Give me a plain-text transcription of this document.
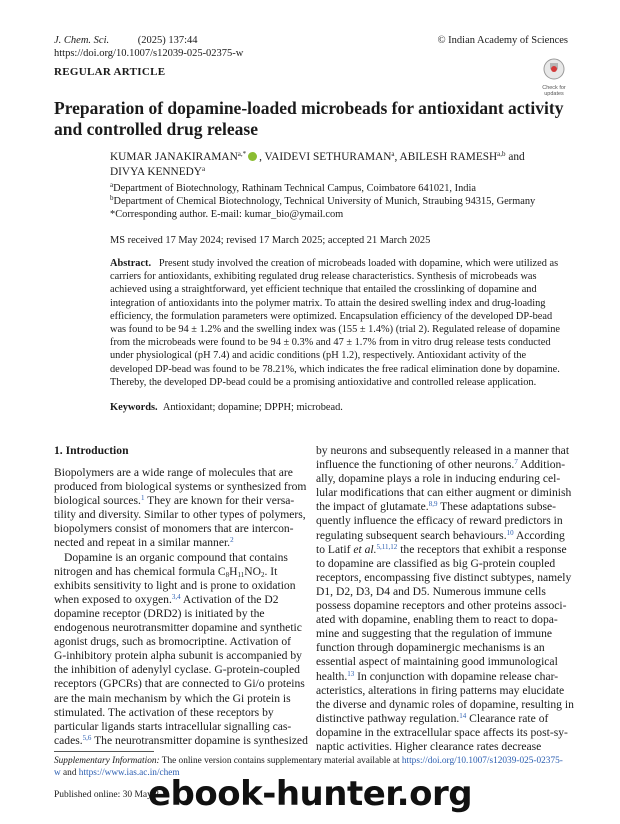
J. Chem. Sci.	(2025) 137:44
https://doi.org/10.1007/s12039-025-02375-w
© Indian Academy of Sciences
REGULAR ARTICLE
Check for
updates
Preparation of dopamine-loaded microbeads for antioxidant activity
and controlled drug release
KUMAR $JANAKIRAMAN^{a,*}$ , VAIDEVI SETHURAMAN$^a$, ABILESH RAMESH$^{a,b}$ and
DIVYA KENNEDY$^a$
$^a$Department of Biotechnology, Rathinam Technical Campus, Coimbatore 641021, India
$^b$Department of Chemical Biotechnology, Technical University of Munich, Straubing 94315, Germany
*Corresponding author. E-mail: kumar_bio@ymail.com
MS received 17 May 2024; revised 17 March 2025; accepted 21 March 2025
Abstract. Present study involved the creation of microbeads loaded with dopamine, which were utilized as
carriers for antioxidants, exhibiting regulated drug release characteristics. Synthesis of microbeads was
achieved using a straightforward, yet efficient technique that entailed the crosslinking of dopamine and
integration of antioxidants into the polymer matrix. To attain the desired swelling index and drug-loading
efficiency, the formulation parameters were optimized. Encapsulation efficiency of the developed DP-bead
was found to be 94 ± 1.2% and the swelling index was (155 ± 1.4%) (trial 2). Regulated release of dopamine
from the microbeads were found to be 94 ± 0.3% and 47 ± 1.7% from in vitro drug release tests conducted
under physiological (pH 7.4) and acidic conditions (pH 1.2), respectively. Antioxidant activity of the
developed DP-bead was found to be 78.21%, which indicates the free radical elimination done by dopamine.
Thereby, the developed DP-bead could be a promising antioxidative and controlled release application.
Keywords. Antioxidant; dopamine; DPPH; microbead.
1. Introduction
Biopolymers are a wide range of molecules that are
produced from biological systems or synthesized from
biological sources.$^1$ They are known for their versa-
tility and diversity. Similar to other types of polymers,
biopolymers consist of monomers that are intercon-
nected and repeat in a similar manner.$^2$
Dopamine is an organic compound that contains
nitrogen and has chemical formula $C_8H_{11}NO_2$. It
exhibits sensitivity to light and is prone to oxidation
when exposed to oxygen.$^{3,4}$ Activation of the D2
dopamine receptor (DRD2) is initiated by the
endogenous neurotransmitter dopamine and synthetic
agonist drugs, such as bromocriptine. Activation of
G-inhibitory protein alpha subunit is accompanied by
the inhibition of adenylyl cyclase. G-protein-coupled
receptors (GPCRs) that are connected to Gi/o proteins
are the main mechanism by which the Gi protein is
stimulated. The activation of these receptors by
particular ligands starts intracellular signalling cas-
cades.$^{5,6}$ The neurotransmitter dopamine is synthesized
by neurons and subsequently released in a manner that
influence the functioning of other neurons.$^7$ Addition-
ally, dopamine plays a role in inducing enduring cel-
lular modifications that can either augment or diminish
the impact of glutamate.$^{8,9}$ These adaptations subse-
quently influence the efficacy of reward predictors in
regulating subsequent search behaviours.$^{10}$ According
to Latif et al.$^{5,11,12}$ the receptors that exhibit a response
to dopamine are classified as big G-protein coupled
receptors, encompassing five distinct subtypes, namely
D1, D2, D3, D4 and D5. Numerous immune cells
possess dopamine receptors and other proteins associ-
ated with dopamine, enabling them to react to dopa-
mine and suggesting that the regulation of immune
function through dopaminergic mechanisms is an
essential aspect of maintaining good immunological
health.$^{13}$ In conjunction with dopamine release char-
acteristics, alterations in firing patterns may elucidate
the diverse and dynamic roles of dopamine, resulting in
distinctive pathway regulation.$^{14}$ Clearance rate of
dopamine in the extracellular space affects its post-sy-
naptic activities. Higher clearance rates decrease
Supplementary Information: The online version contains supplementary material available at https://doi.org/10.1007/s12039-025-02375-
w and https://www.ias.ac.in/chem
Published online: 30 May 2
ebook-hunter.org
